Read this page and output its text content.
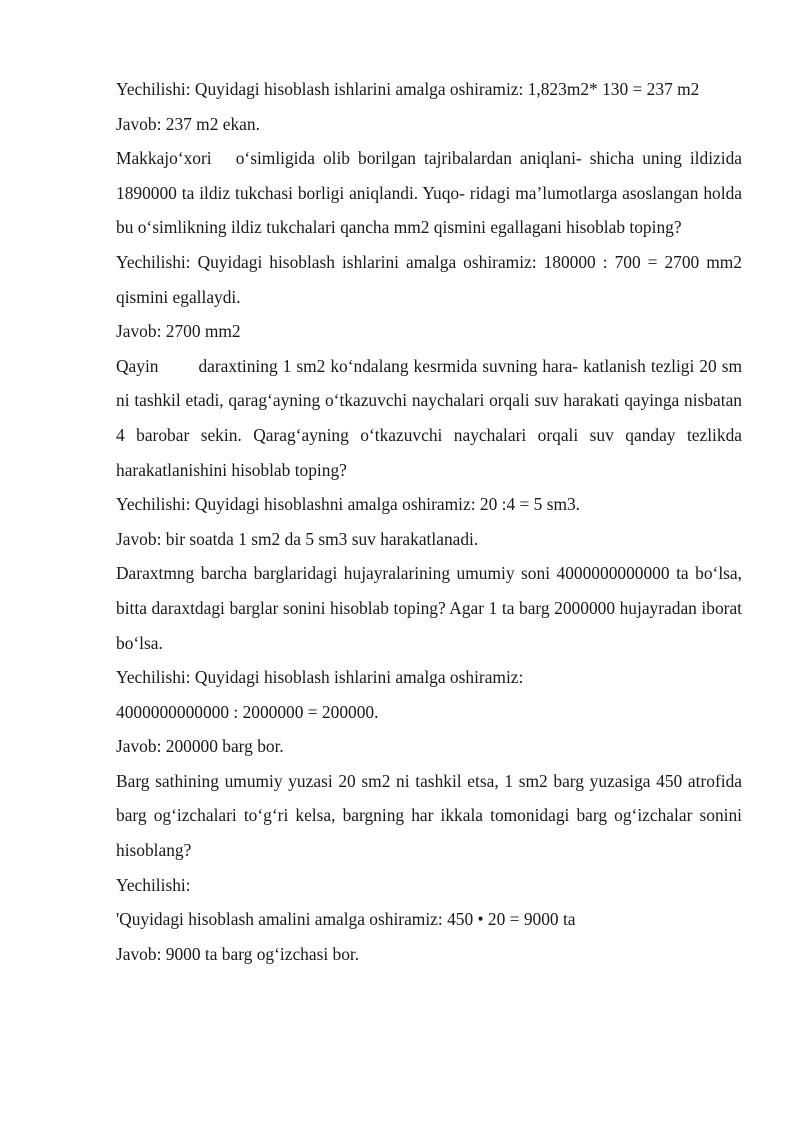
Yechilishi: Quyidagi hisoblash ishlarini amalga oshiramiz: 1,823m2* 130 = 237 m2

Javob: 237 m2 ekan.

Makkajo‘xori   o‘simligida olib borilgan tajribalardan aniqlani- shicha uning ildizida 1890000 ta ildiz tukchasi borligi aniqlandi. Yuqo- ridagi ma’lumotlarga asoslangan holda bu o‘simlikning ildiz tukchalari qancha mm2 qismini egallagani hisoblab toping?

Yechilishi: Quyidagi hisoblash ishlarini amalga oshiramiz: 180000 : 700 = 2700 mm2 qismini egallaydi.

Javob: 2700 mm2

Qayin        daraxtining 1 sm2 ko‘ndalang kesrmida suvning hara- katlanish tezligi 20 sm ni tashkil etadi, qarag‘ayning o‘tkazuvchi naychalari orqali suv harakati qayinga nisbatan 4 barobar sekin. Qarag‘ayning o‘tkazuvchi naychalari orqali suv qanday tezlikda harakatlanishini hisoblab toping?

Yechilishi: Quyidagi hisoblashni amalga oshiramiz: 20 :4 = 5 sm3.

Javob: bir soatda 1 sm2 da 5 sm3 suv harakatlanadi.

Daraxtmng barcha barglaridagi hujayralarining umumiy soni 4000000000000 ta bo‘lsa, bitta daraxtdagi barglar sonini hisoblab toping? Agar 1 ta barg 2000000 hujayradan iborat bo‘lsa.

Yechilishi: Quyidagi hisoblash ishlarini amalga oshiramiz:

4000000000000 : 2000000 = 200000.

Javob: 200000 barg bor.

Barg sathining umumiy yuzasi 20 sm2 ni tashkil etsa, 1 sm2 barg yuzasiga 450 atrofida barg og‘izchalari to‘g‘ri kelsa, bargning har ikkala tomonidagi barg og‘izchalar sonini hisoblang?

Yechilishi:

'Quyidagi hisoblash amalini amalga oshiramiz: 450 • 20 = 9000 ta

Javob: 9000 ta barg og‘izchasi bor.
